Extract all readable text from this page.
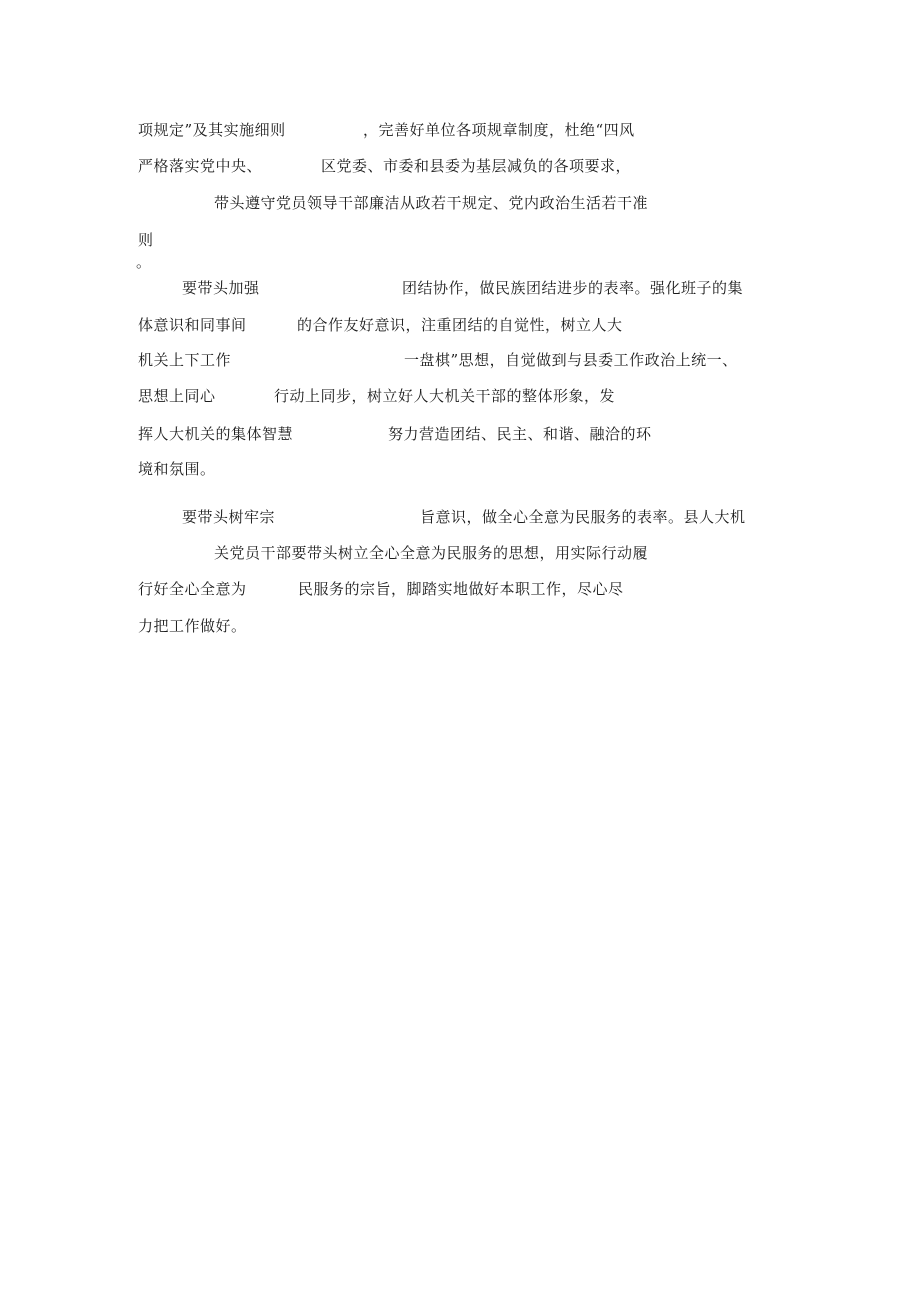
项规定”及其实施细则	，完善好单位各项规章制度，杜绝“四风
严格落实党中央、	区党委、市委和县委为基层减负的各项要求，
带头遵守党员领导干部廉洁从政若干规定、党内政治生活若干准
则
。
要带头加强	团结协作，做民族团结进步的表率。强化班子的集
体意识和同事间	的合作友好意识，注重团结的自觉性，树立人大
机关上下工作	一盘棋”思想，自觉做到与县委工作政治上统一、
思想上同心	行动上同步，树立好人大机关干部的整体形象，发
挥人大机关的集体智慧	努力营造团结、民主、和谐、融洽的环
境和氛围。
要带头树牢宗	旨意识，做全心全意为民服务的表率。县人大机
关党员干部要带头树立全心全意为民服务的思想，用实际行动履
行好全心全意为	民服务的宗旨，脚踏实地做好本职工作，尽心尽
力把工作做好。
